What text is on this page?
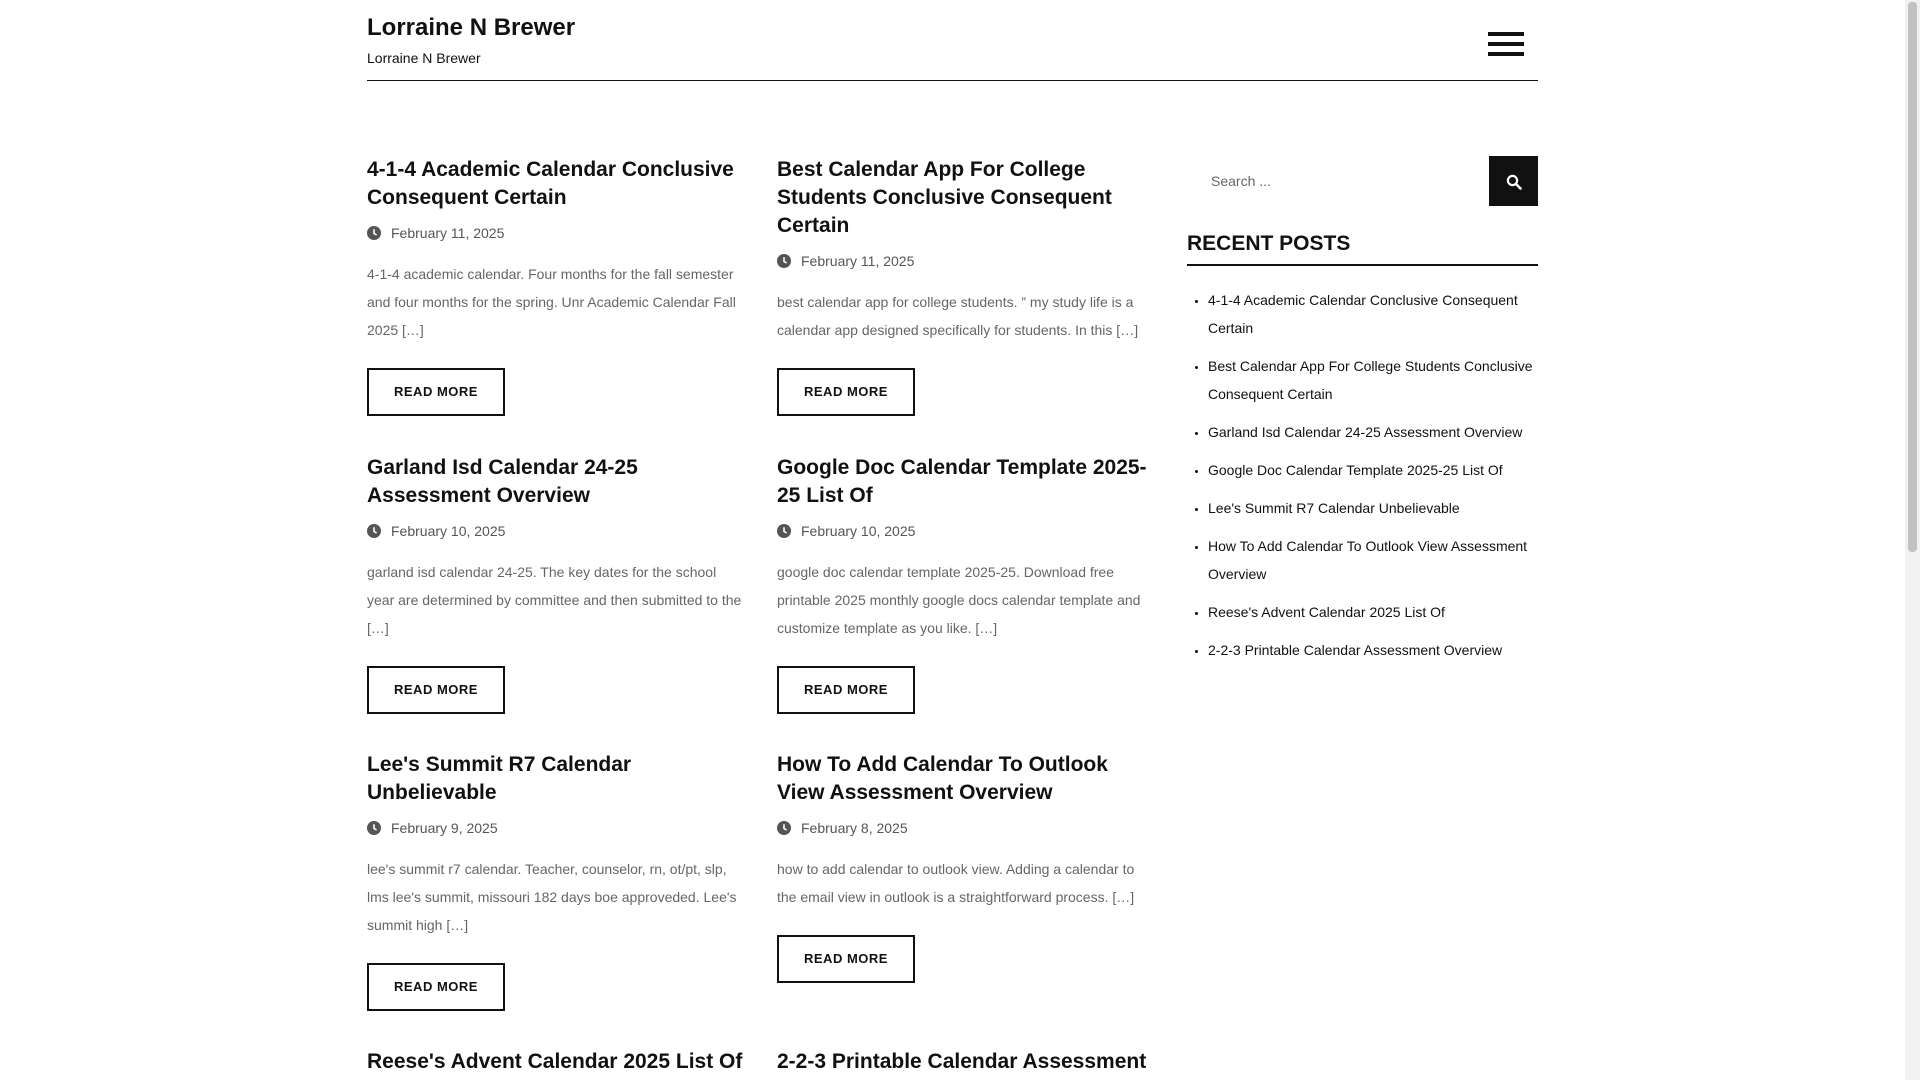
Lorraine N Brewer
Lorraine N Brewer
4-1-4 Academic Calendar Conclusive Consequent Certain
February 11, 2025
4-1-4 academic calendar. Four months for the fall semester and four months for the spring. Unr Academic Calendar Fall 2025 […]
READ MORE
Best Calendar App For College Students Conclusive Consequent Certain
February 11, 2025
best calendar app for college students. ” my study life is a calendar app designed specifically for students. In this […]
READ MORE
Garland Isd Calendar 24-25 Assessment Overview
February 10, 2025
garland isd calendar 24-25. The key dates for the school year are determined by committee and then submitted to the […]
READ MORE
Google Doc Calendar Template 2025-25 List Of
February 10, 2025
google doc calendar template 2025-25. Download free printable 2025 monthly google docs calendar template and customize template as you like. […]
READ MORE
Lee's Summit R7 Calendar Unbelievable
February 9, 2025
lee's summit r7 calendar. Teacher, counselor, rn, ot/pt, slp, lms lee's summit, missouri 182 days boe approveded. Lee's summit high […]
READ MORE
How To Add Calendar To Outlook View Assessment Overview
February 8, 2025
how to add calendar to outlook view. Adding a calendar to the email view in outlook is a straightforward process. […]
READ MORE
Reese's Advent Calendar 2025 List Of 2-2-3 Printable Calendar Assessment
Search ...
RECENT POSTS
• 4-1-4 Academic Calendar Conclusive Consequent Certain
• Best Calendar App For College Students Conclusive Consequent Certain
• Garland Isd Calendar 24-25 Assessment Overview
• Google Doc Calendar Template 2025-25 List Of
• Lee's Summit R7 Calendar Unbelievable
• How To Add Calendar To Outlook View Assessment Overview
• Reese's Advent Calendar 2025 List Of
• 2-2-3 Printable Calendar Assessment Overview
